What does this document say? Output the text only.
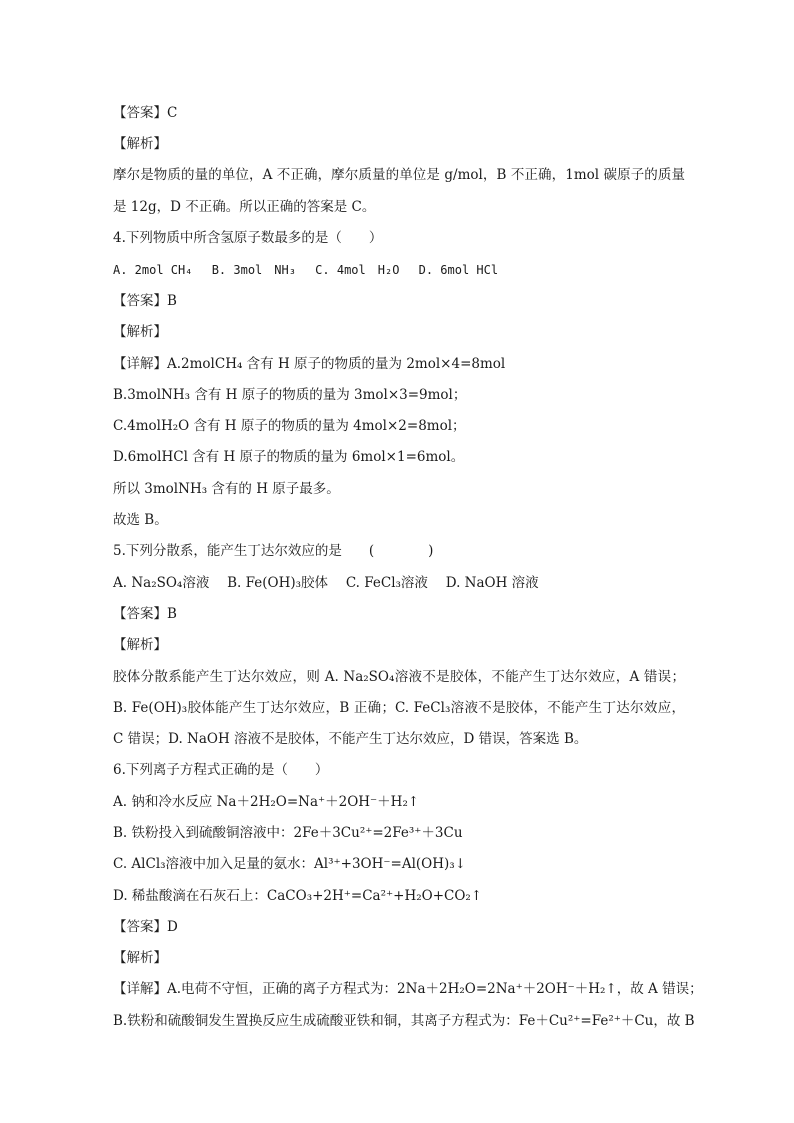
【答案】C
【解析】
摩尔是物质的量的单位，A 不正确，摩尔质量的单位是 g/mol，B 不正确，1mol 碳原子的质量
是 12g，D 不正确。所以正确的答案是 C。
4.下列物质中所含氢原子数最多的是（　　）
A. 2mol CH₄　 B. 3mol　NH₃　 C. 4mol　H₂O　 D. 6mol HCl
【答案】B
【解析】
【详解】A.2molCH₄ 含有 H 原子的物质的量为 2mol×4=8mol
B.3molNH₃ 含有 H 原子的物质的量为 3mol×3=9mol；
C.4molH₂O 含有 H 原子的物质的量为 4mol×2=8mol；
D.6molHCl 含有 H 原子的物质的量为 6mol×1=6mol。
所以 3molNH₃ 含有的 H 原子最多。
故选 B。
5.下列分散系，能产生丁达尔效应的是　　(　　　　)
A. Na₂SO₄溶液　 B. Fe(OH)₃胶体　 C. FeCl₃溶液　 D. NaOH 溶液
【答案】B
【解析】
胶体分散系能产生丁达尔效应，则 A. Na₂SO₄溶液不是胶体，不能产生丁达尔效应，A 错误；
B. Fe(OH)₃胶体能产生丁达尔效应，B 正确；C. FeCl₃溶液不是胶体，不能产生丁达尔效应，
C 错误；D. NaOH 溶液不是胶体，不能产生丁达尔效应，D 错误，答案选 B。
6.下列离子方程式正确的是（　　）
A. 钠和冷水反应 Na＋2H₂O=Na⁺＋2OH⁻＋H₂↑
B. 铁粉投入到硫酸铜溶液中：2Fe＋3Cu²⁺=2Fe³⁺＋3Cu
C. AlCl₃溶液中加入足量的氨水：Al³⁺+3OH⁻=Al(OH)₃↓
D. 稀盐酸滴在石灰石上：CaCO₃+2H⁺=Ca²⁺+H₂O+CO₂↑
【答案】D
【解析】
【详解】A.电荷不守恒，正确的离子方程式为：2Na＋2H₂O=2Na⁺＋2OH⁻＋H₂↑，故 A 错误；
B.铁粉和硫酸铜发生置换反应生成硫酸亚铁和铜，其离子方程式为：Fe＋Cu²⁺=Fe²⁺＋Cu，故 B
